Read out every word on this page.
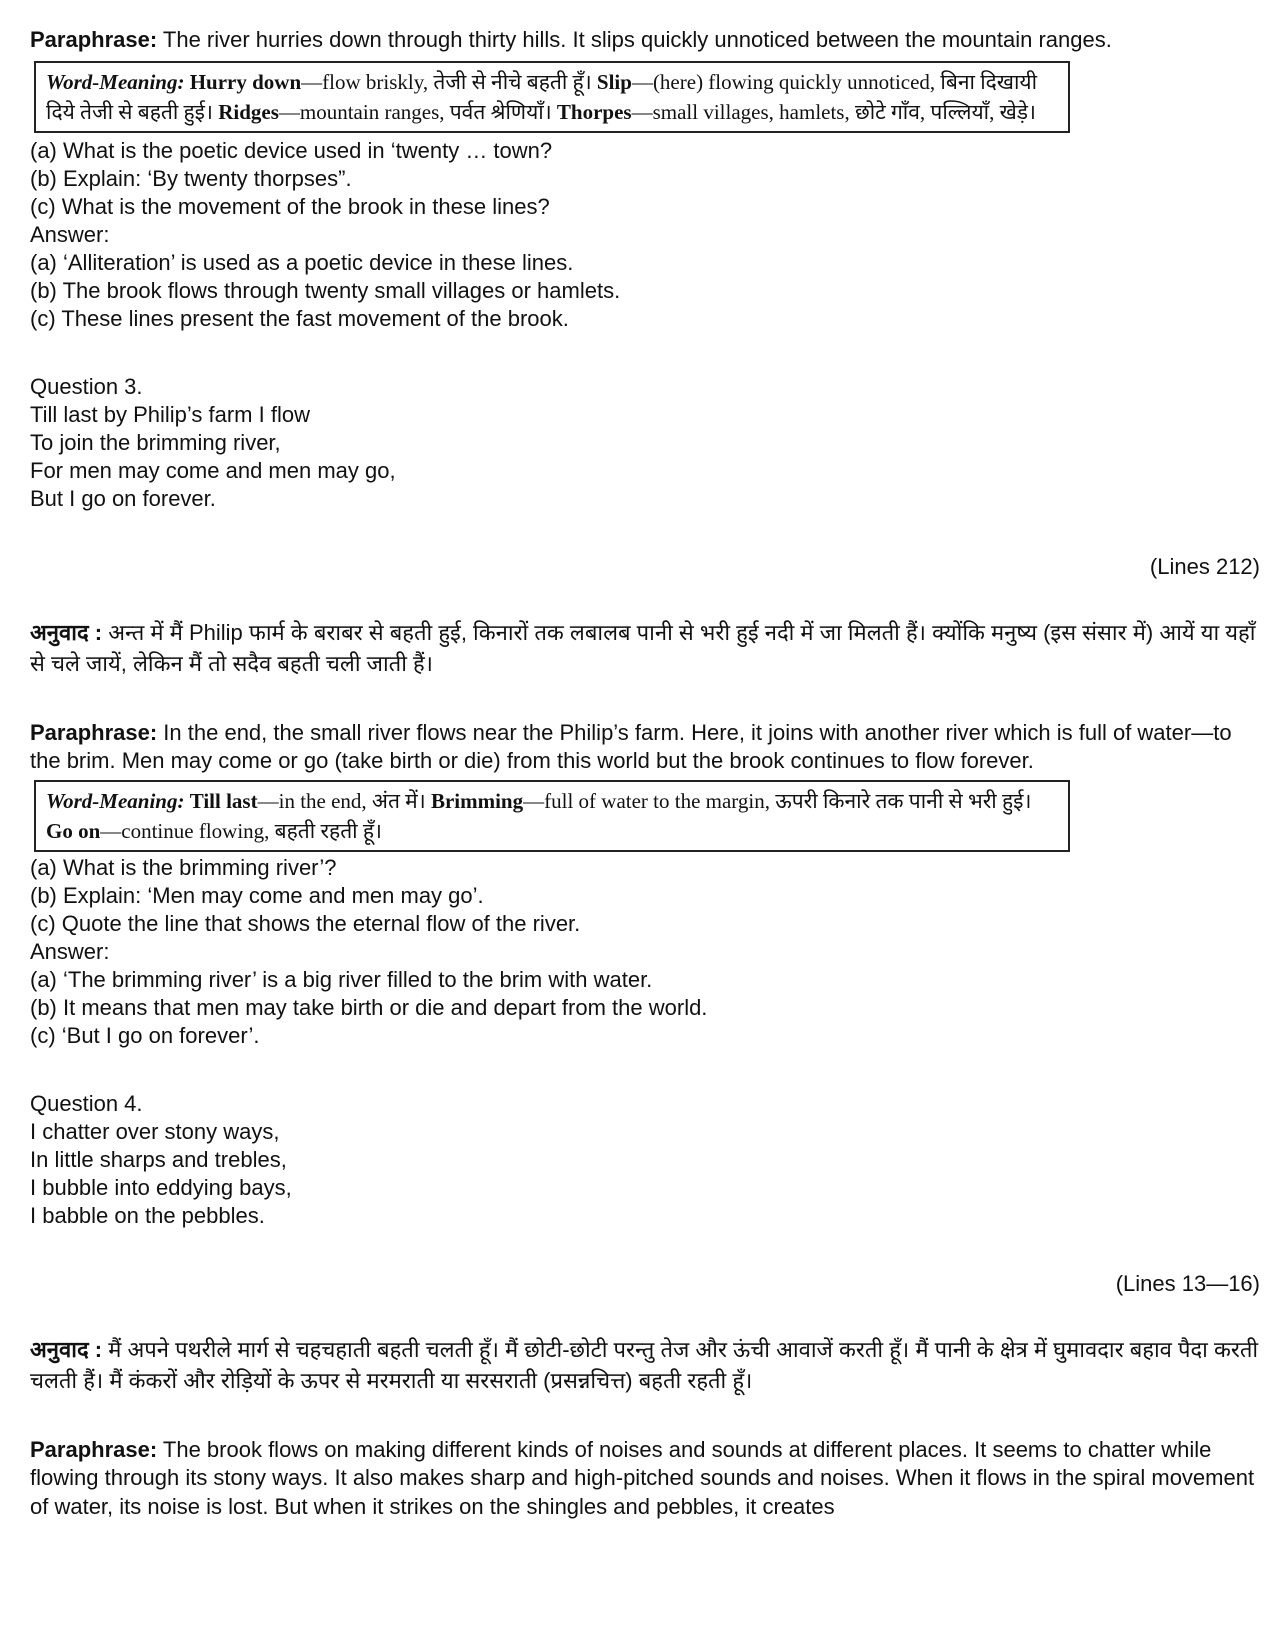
Paraphrase: The river hurries down through thirty hills. It slips quickly unnoticed between the mountain ranges.

Word-Meaning: Hurry down—flow briskly, तेजी से नीचे बहती हूँ। Slip—(here) flowing quickly unnoticed, बिना दिखायी दिये तेजी से बहती हुई। Ridges—mountain ranges, पर्वत श्रेणियाँ। Thorpes—small villages, hamlets, छोटे गाँव, पल्लियाँ, खेड़े।
(a) What is the poetic device used in ‘twenty … town?
(b) Explain: ‘By twenty thorpses”.
(c) What is the movement of the brook in these lines?
Answer:
(a) ‘Alliteration’ is used as a poetic device in these lines.
(b) The brook flows through twenty small villages or hamlets.
(c) These lines present the fast movement of the brook.
Question 3.
Till last by Philip’s farm I flow
To join the brimming river,
For men may come and men may go,
But I go on forever.

(Lines 212)

अनुवाद : अन्त में मैं Philip फार्म के बराबर से बहती हुई, किनारों तक लबालब पानी से भरी हुई नदी में जा मिलती हैं। क्योंकि मनुष्य (इस संसार में) आयें या यहाँ से चले जायें, लेकिन मैं तो सदैव बहती चली जाती हैं।

Paraphrase: In the end, the small river flows near the Philip’s farm. Here, it joins with another river which is full of water—to the brim. Men may come or go (take birth or die) from this world but the brook continues to flow forever.

Word-Meaning: Till last—in the end, अंत में। Brimming—full of water to the margin, ऊपरी किनारे तक पानी से भरी हुई। Go on—continue flowing, बहती रहती हूँ।
(a) What is the brimming river’?
(b) Explain: ‘Men may come and men may go’.
(c) Quote the line that shows the eternal flow of the river.
Answer:
(a) ‘The brimming river’ is a big river filled to the brim with water.
(b) It means that men may take birth or die and depart from the world.
(c) ‘But I go on forever’.
Question 4.
I chatter over stony ways,
In little sharps and trebles,
I bubble into eddying bays,
I babble on the pebbles.

(Lines 13—16)

अनुवाद : मैं अपने पथरीले मार्ग से चहचहाती बहती चलती हूँ। मैं छोटी-छोटी परन्तु तेज और ऊंची आवाजें करती हूँ। मैं पानी के क्षेत्र में घुमावदार बहाव पैदा करती चलती हैं। मैं कंकरों और रोड़ियों के ऊपर से मरमराती या सरसराती (प्रसन्नचित्त) बहती रहती हूँ।

Paraphrase: The brook flows on making different kinds of noises and sounds at different places. It seems to chatter while flowing through its stony ways. It also makes sharp and high-pitched sounds and noises. When it flows in the spiral movement of water, its noise is lost. But when it strikes on the shingles and pebbles, it creates
